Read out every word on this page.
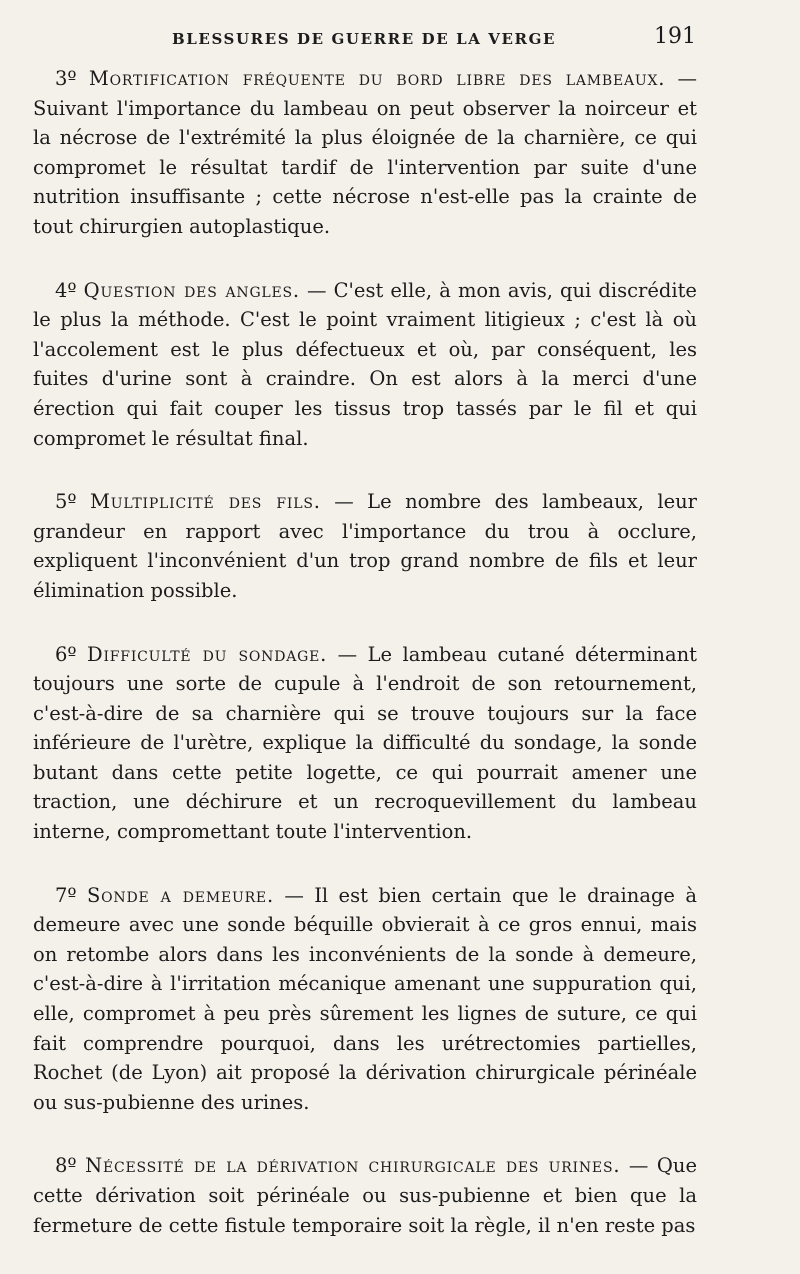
BLESSURES DE GUERRE DE LA VERGE	191

3º Mortification fréquente du bord libre des lambeaux. — Suivant l'importance du lambeau on peut observer la noirceur et la nécrose de l'extrémité la plus éloignée de la charnière, ce qui compromet le résultat tardif de l'intervention par suite d'une nutrition insuffisante ; cette nécrose n'est-elle pas la crainte de tout chirurgien autoplastique.

4º Question des angles. — C'est elle, à mon avis, qui discrédite le plus la méthode. C'est le point vraiment litigieux ; c'est là où l'accolement est le plus défectueux et où, par conséquent, les fuites d'urine sont à craindre. On est alors à la merci d'une érection qui fait couper les tissus trop tassés par le fil et qui compromet le résultat final.

5º Multiplicité des fils. — Le nombre des lambeaux, leur grandeur en rapport avec l'importance du trou à occlure, expliquent l'inconvénient d'un trop grand nombre de fils et leur élimination possible.

6º Difficulté du sondage. — Le lambeau cutané déterminant toujours une sorte de cupule à l'endroit de son retournement, c'est-à-dire de sa charnière qui se trouve toujours sur la face inférieure de l'urètre, explique la difficulté du sondage, la sonde butant dans cette petite logette, ce qui pourrait amener une traction, une déchirure et un recroquevillement du lambeau interne, compromettant toute l'intervention.

7º Sonde a demeure. — Il est bien certain que le drainage à demeure avec une sonde béquille obvierait à ce gros ennui, mais on retombe alors dans les inconvénients de la sonde à demeure, c'est-à-dire à l'irritation mécanique amenant une suppuration qui, elle, compromet à peu près sûrement les lignes de suture, ce qui fait comprendre pourquoi, dans les urétrectomies partielles, Rochet (de Lyon) ait proposé la dérivation chirurgicale périnéale ou sus-pubienne des urines.

8º Nécessité de la dérivation chirurgicale des urines. — Que cette dérivation soit périnéale ou sus-pubienne et bien que la fermeture de cette fistule temporaire soit la règle, il n'en reste pas
